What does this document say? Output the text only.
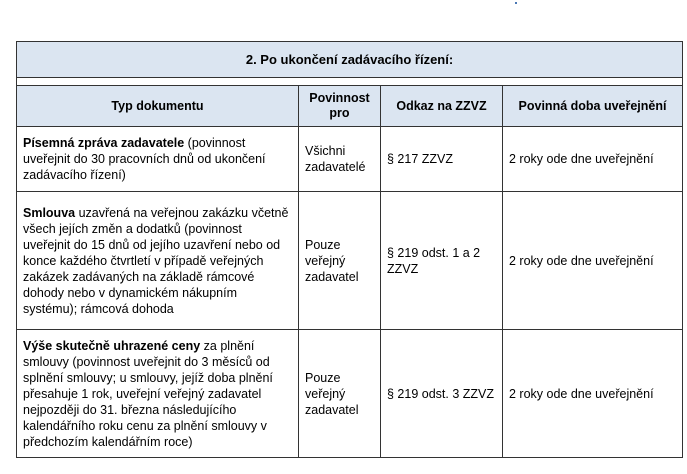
2. Po ukončení zadávacího řízení:			

Typ dokumentu	Povinnost pro	Odkaz na ZZVZ	Povinná doba uveřejnění
Písemná zpráva zadavatele (povinnost uveřejnit do 30 pracovních dnů od ukončení zadávacího řízení)	Všichni zadavatelé	§ 217 ZZVZ	2 roky ode dne uveřejnění
Smlouva uzavřená na veřejnou zakázku včetně všech jejích změn a dodatků (povinnost uveřejnit do 15 dnů od jejího uzavření nebo od konce každého čtvrtletí v případě veřejných zakázek zadávaných na základě rámcové dohody nebo v dynamickém nákupním systému); rámcová dohoda	Pouze veřejný zadavatel	§ 219 odst. 1 a 2 ZZVZ	2 roky ode dne uveřejnění
Výše skutečně uhrazené ceny za plnění smlouvy (povinnost uveřejnit do 3 měsíců od splnění smlouvy; u smlouvy, jejíž doba plnění přesahuje 1 rok, uveřejní veřejný zadavatel nejpozději do 31. března následujícího kalendářního roku cenu za plnění smlouvy v předchozím kalendářním roce)	Pouze veřejný zadavatel	§ 219 odst. 3 ZZVZ	2 roky ode dne uveřejnění
